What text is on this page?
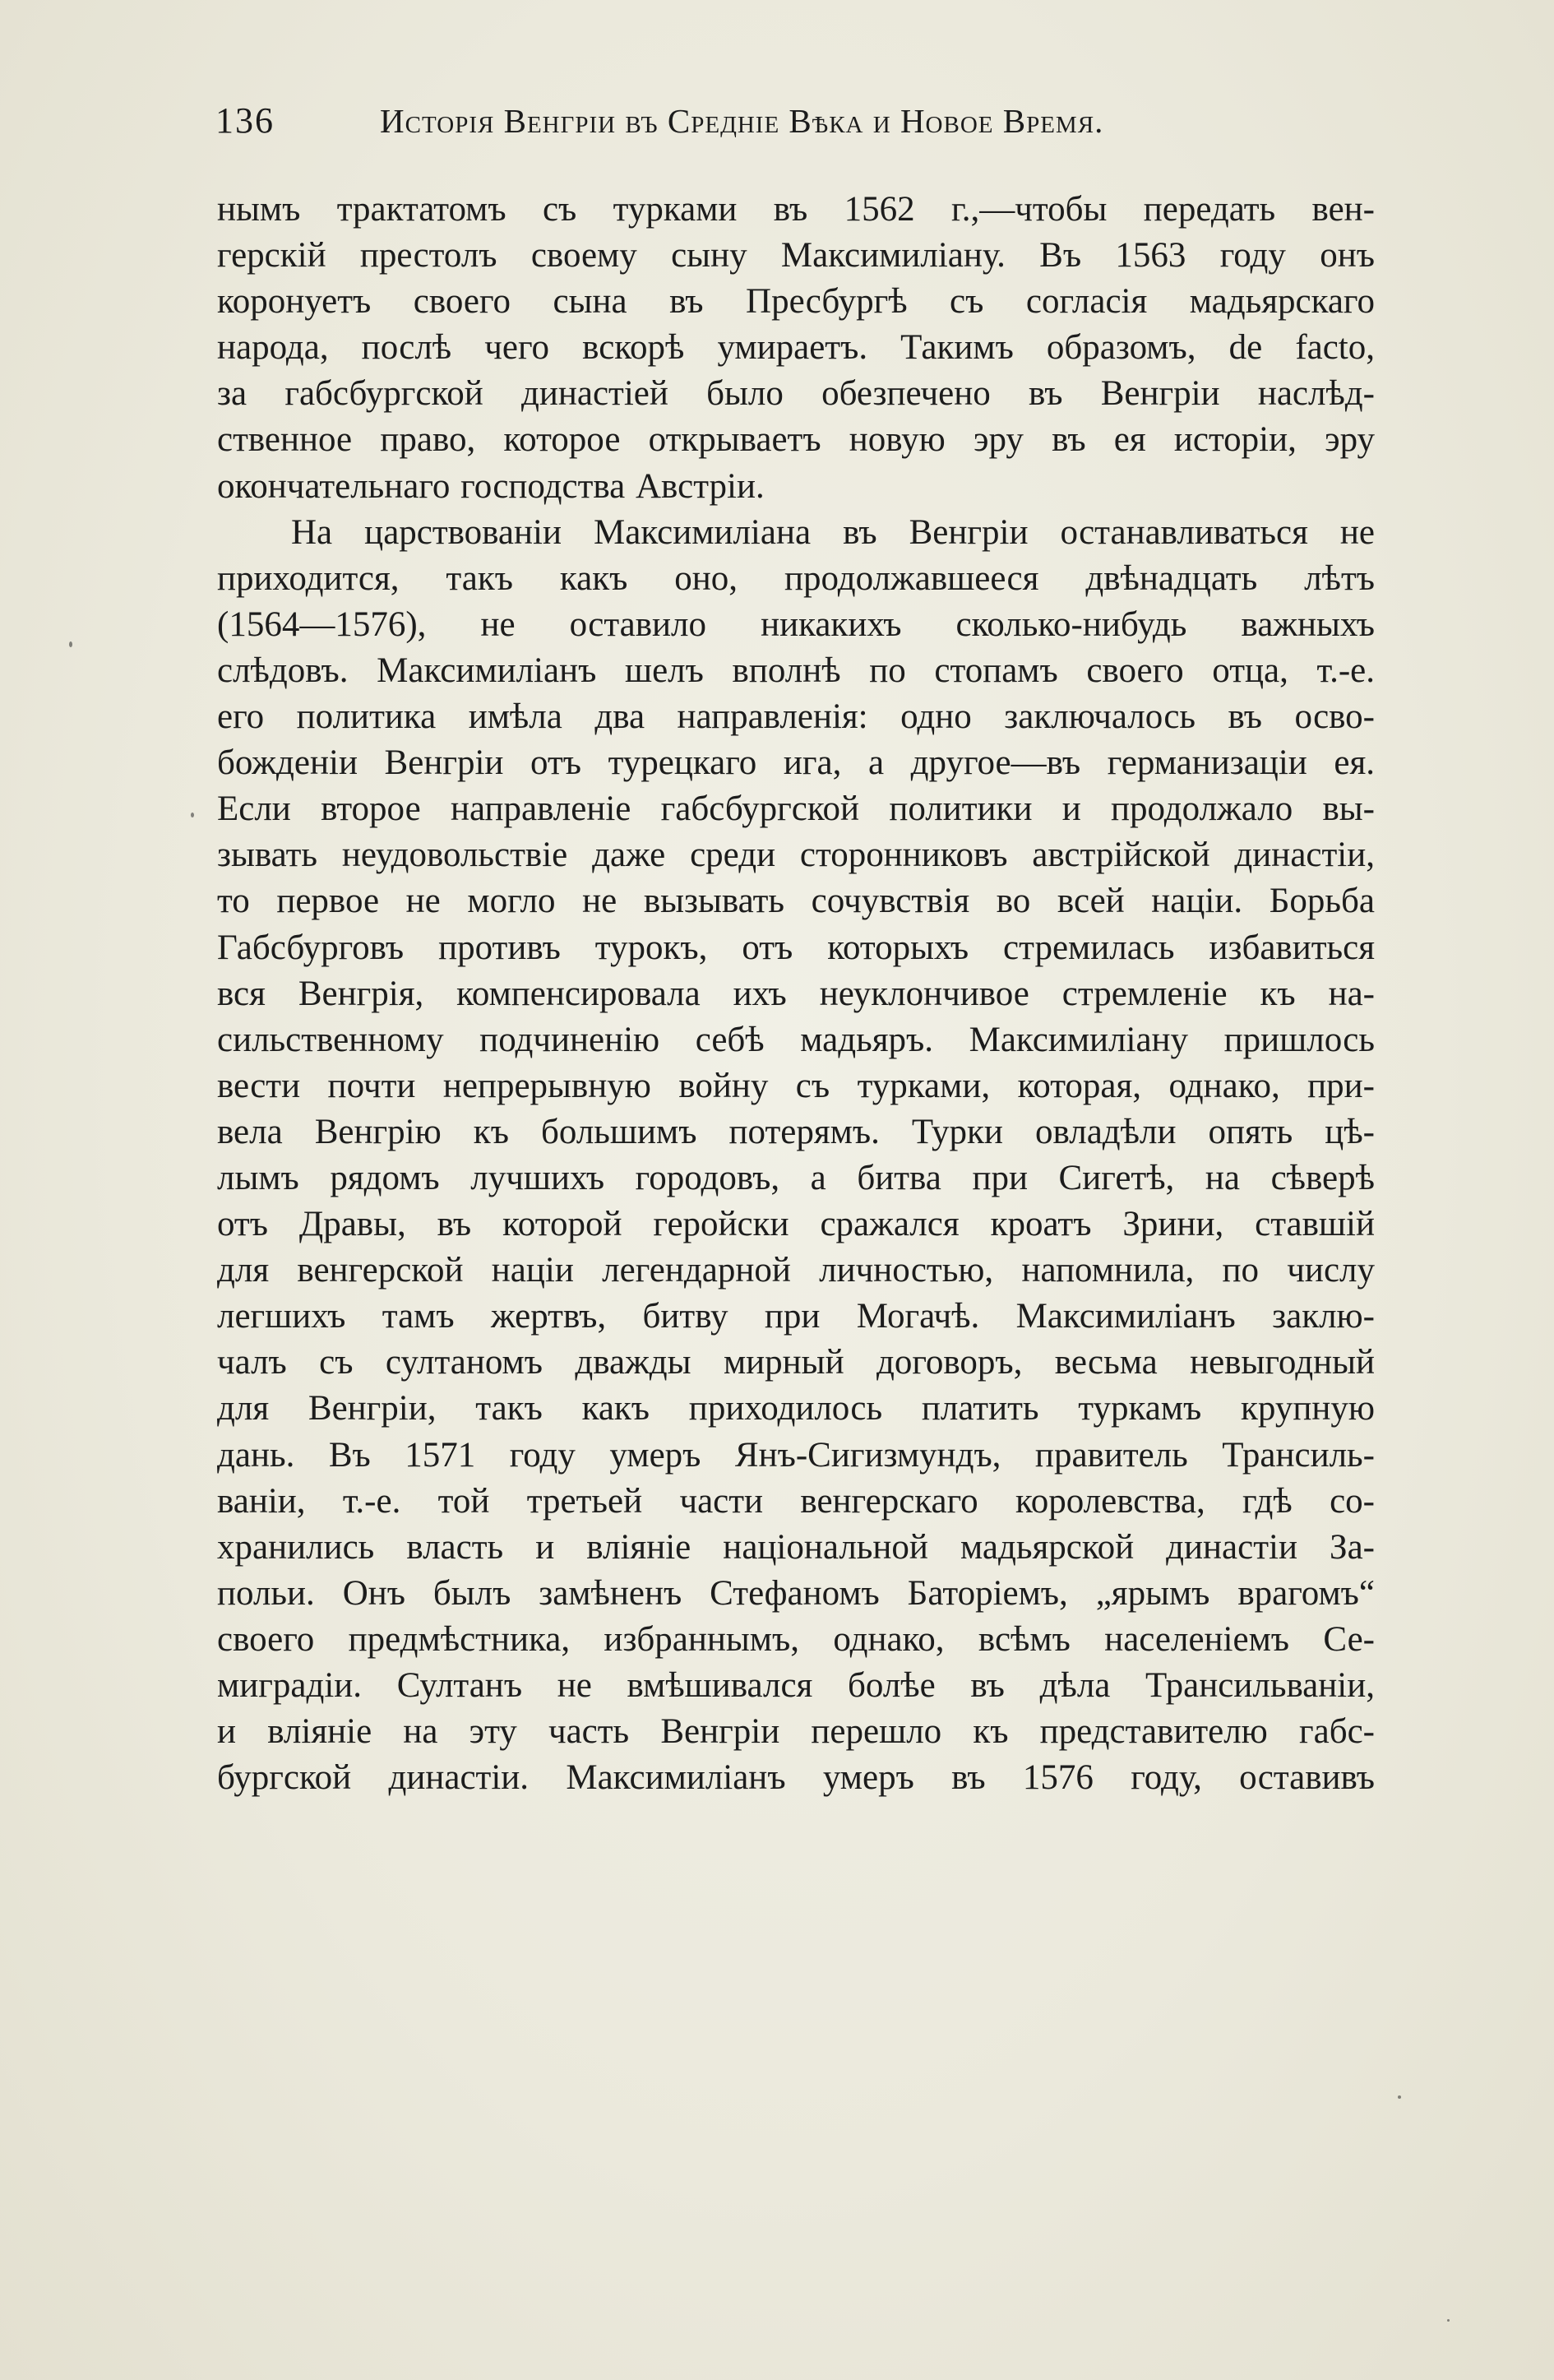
136	Исторія Венгріи въ Средніе Вѣка и Новое Время.
нымъ трактатомъ съ турками въ 1562 г.,—чтобы передать вен-
герскій престолъ своему сыну Максимиліану. Въ 1563 году онъ
коронуетъ своего сына въ Пресбургѣ съ согласія мадьярскаго
народа, послѣ чего вскорѣ умираетъ. Такимъ образомъ, de facto,
за габсбургской династіей было обезпечено въ Венгріи наслѣд-
ственное право, которое открываетъ новую эру въ ея исторіи, эру
окончательнаго господства Австріи.
На царствованіи Максимиліана въ Венгріи останавливаться не
приходится, такъ какъ оно, продолжавшееся двѣнадцать лѣтъ
(1564—1576), не оставило никакихъ сколько-нибудь важныхъ
слѣдовъ. Максимиліанъ шелъ вполнѣ по стопамъ своего отца, т.-е.
его политика имѣла два направленія: одно заключалось въ осво-
божденіи Венгріи отъ турецкаго ига, а другое—въ германизаціи ея.
Если второе направленіе габсбургской политики и продолжало вы-
зывать неудовольствіе даже среди сторонниковъ австрійской династіи,
то первое не могло не вызывать сочувствія во всей націи. Борьба
Габсбурговъ противъ турокъ, отъ которыхъ стремилась избавиться
вся Венгрія, компенсировала ихъ неуклончивое стремленіе къ на-
сильственному подчиненію себѣ мадьяръ. Максимиліану пришлось
вести почти непрерывную войну съ турками, которая, однако, при-
вела Венгрію къ большимъ потерямъ. Турки овладѣли опять цѣ-
лымъ рядомъ лучшихъ городовъ, а битва при Сигетѣ, на сѣверѣ
отъ Дравы, въ которой геройски сражался кроатъ Зрини, ставшій
для венгерской націи легендарной личностью, напомнила, по числу
легшихъ тамъ жертвъ, битву при Могачѣ. Максимиліанъ заклю-
чалъ съ султаномъ дважды мирный договоръ, весьма невыгодный
для Венгріи, такъ какъ приходилось платить туркамъ крупную
дань. Въ 1571 году умеръ Янъ-Сигизмундъ, правитель Трансиль-
ваніи, т.-е. той третьей части венгерскаго королевства, гдѣ со-
хранились власть и вліяніе національной мадьярской династіи За-
польи. Онъ былъ замѣненъ Стефаномъ Баторіемъ, „ярымъ врагомъ“
своего предмѣстника, избраннымъ, однако, всѣмъ населеніемъ Се-
миградіи. Султанъ не вмѣшивался болѣе въ дѣла Трансильваніи,
и вліяніе на эту часть Венгріи перешло къ представителю габс-
бургской династіи. Максимиліанъ умеръ въ 1576 году, оставивъ
